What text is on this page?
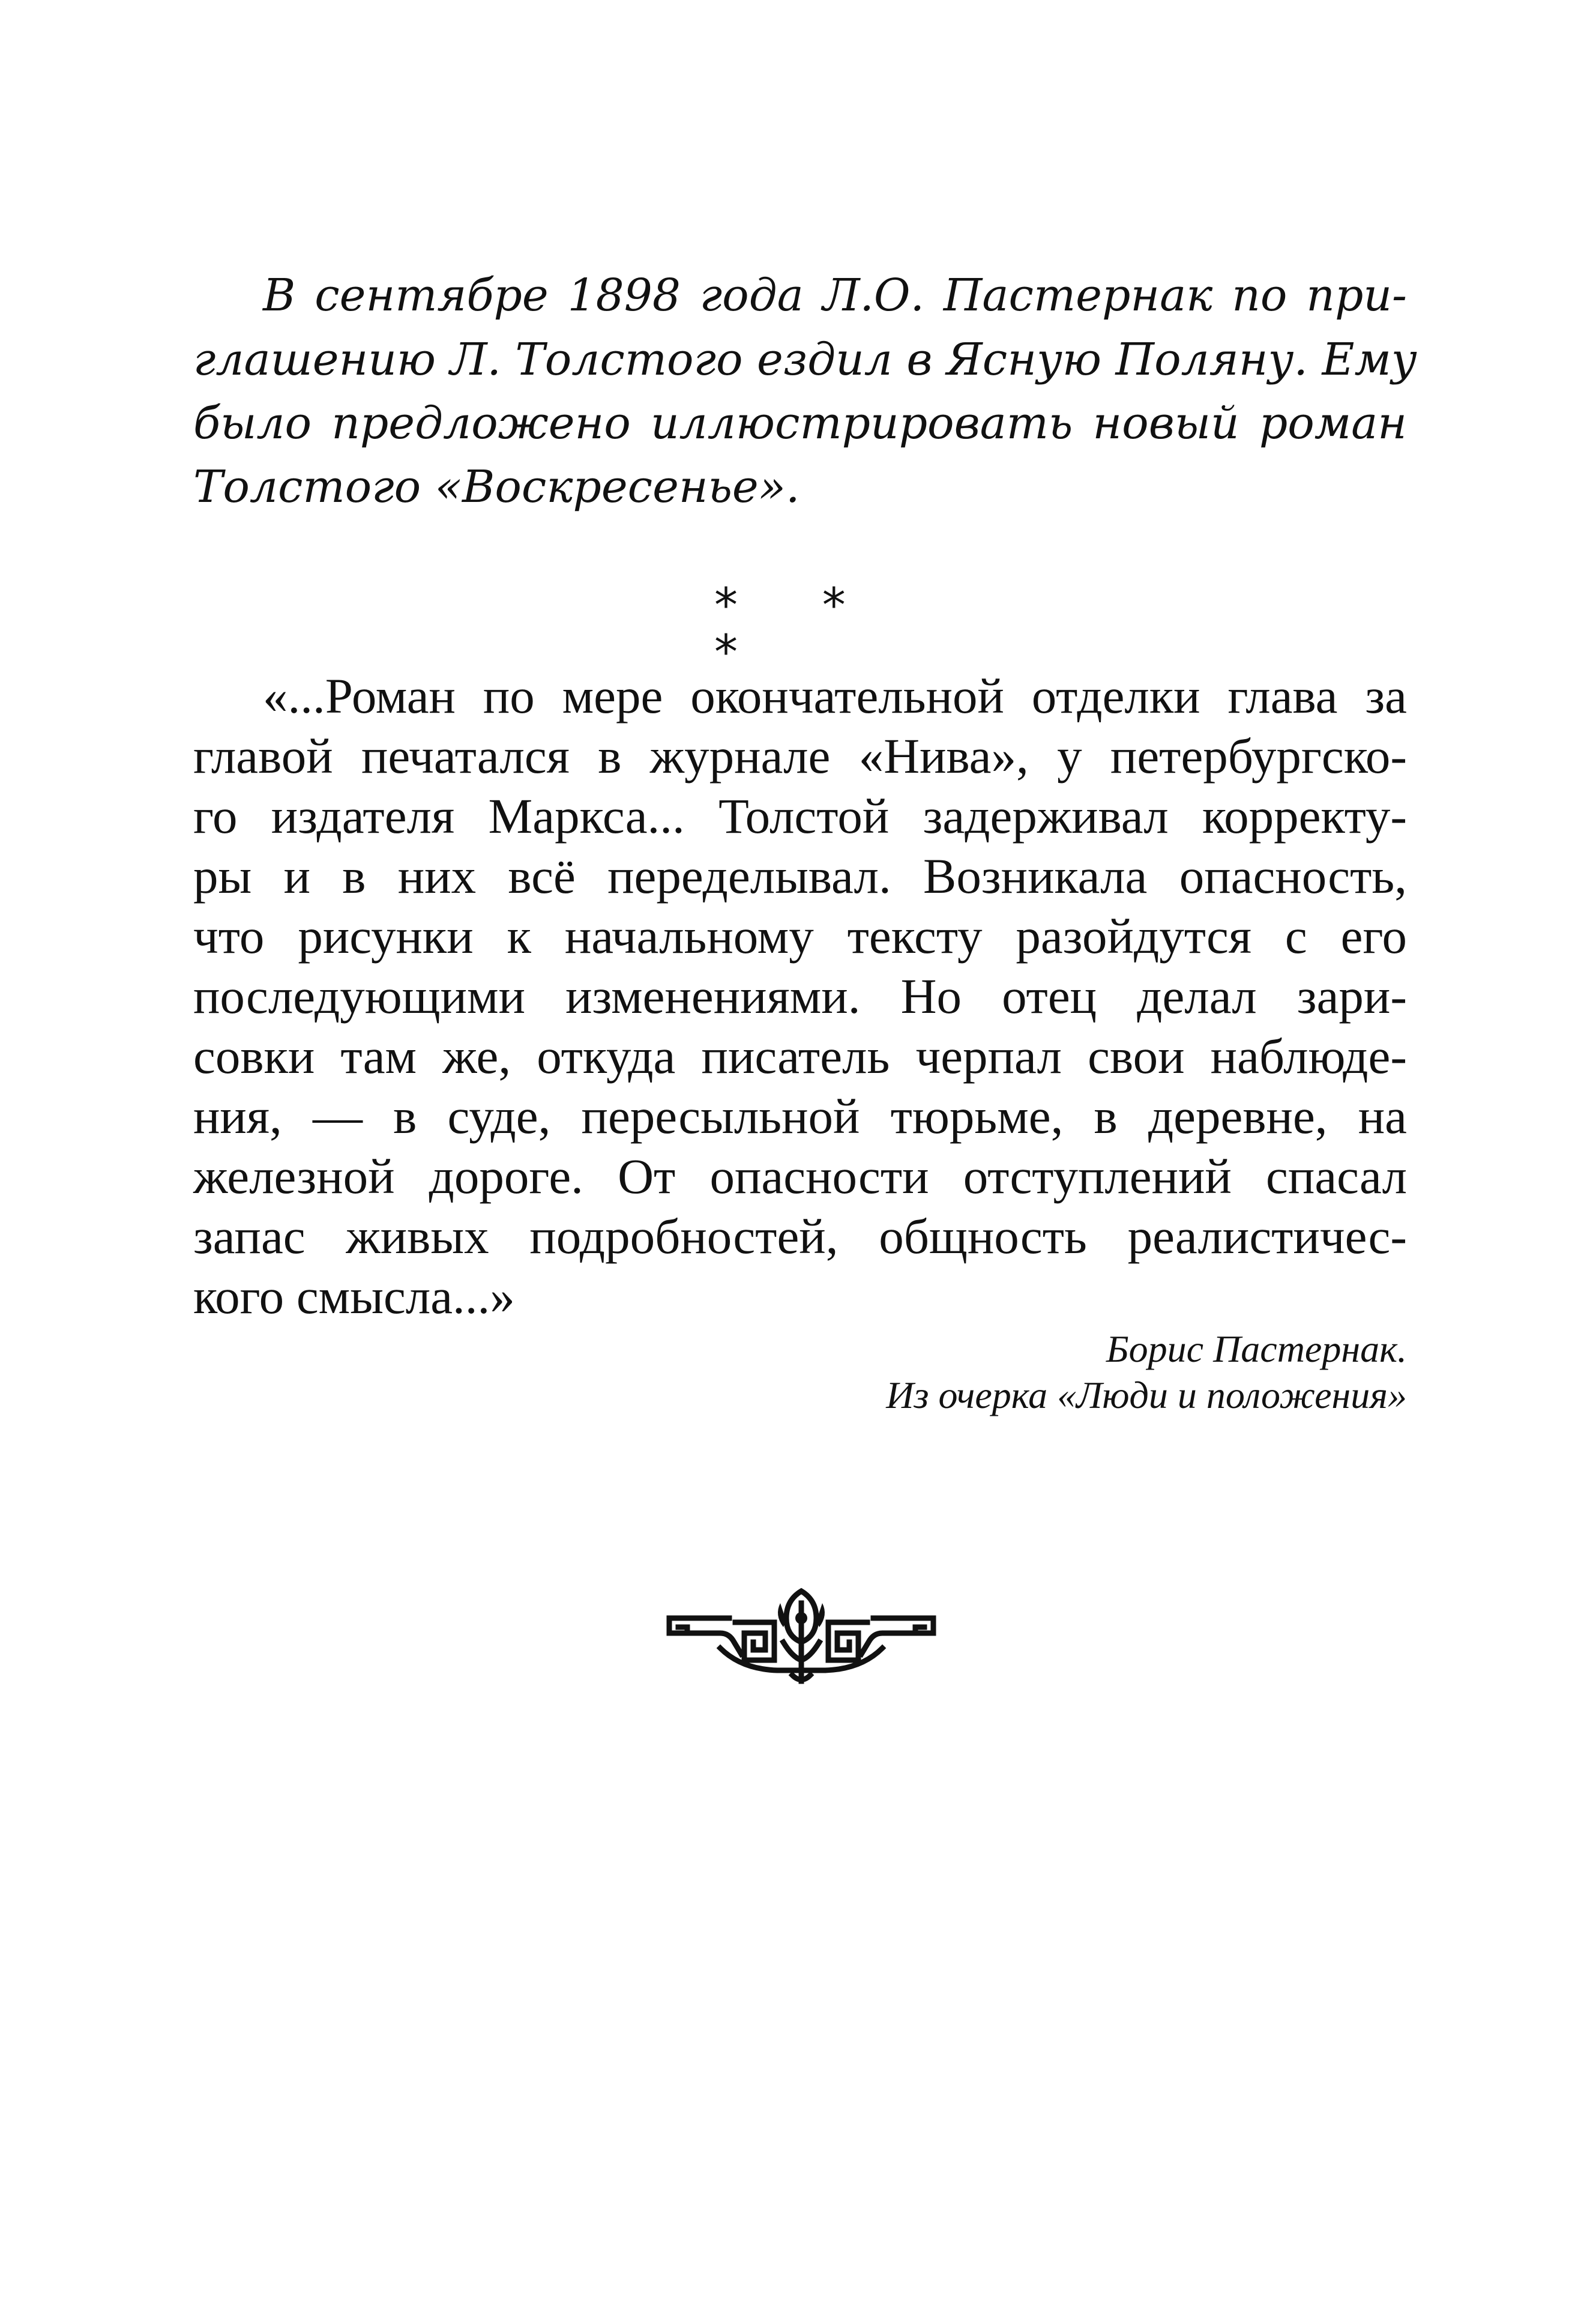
В сентябре 1898 года Л.О. Пастернак по при-

глашению Л. Толстого ездил в Ясную Поляну. Ему

было предложено иллюстрировать новый роман

Толстого «Воскресенье».

* * *

«...Роман по мере окончательной отделки глава за

главой печатался в журнале «Нива», у петербургско-

го издателя Маркса... Толстой задерживал корректу-

ры и в них всё переделывал. Возникала опасность,

что рисунки к начальному тексту разойдутся с его

последующими изменениями. Но отец делал зари-

совки там же, откуда писатель черпал свои наблюде-

ния, — в суде, пересыльной тюрьме, в деревне, на

железной дороге. От опасности отступлений спасал

запас живых подробностей, общность реалистичес-

кого смысла...»

Борис Пастернак.

Из очерка «Люди и положения»
